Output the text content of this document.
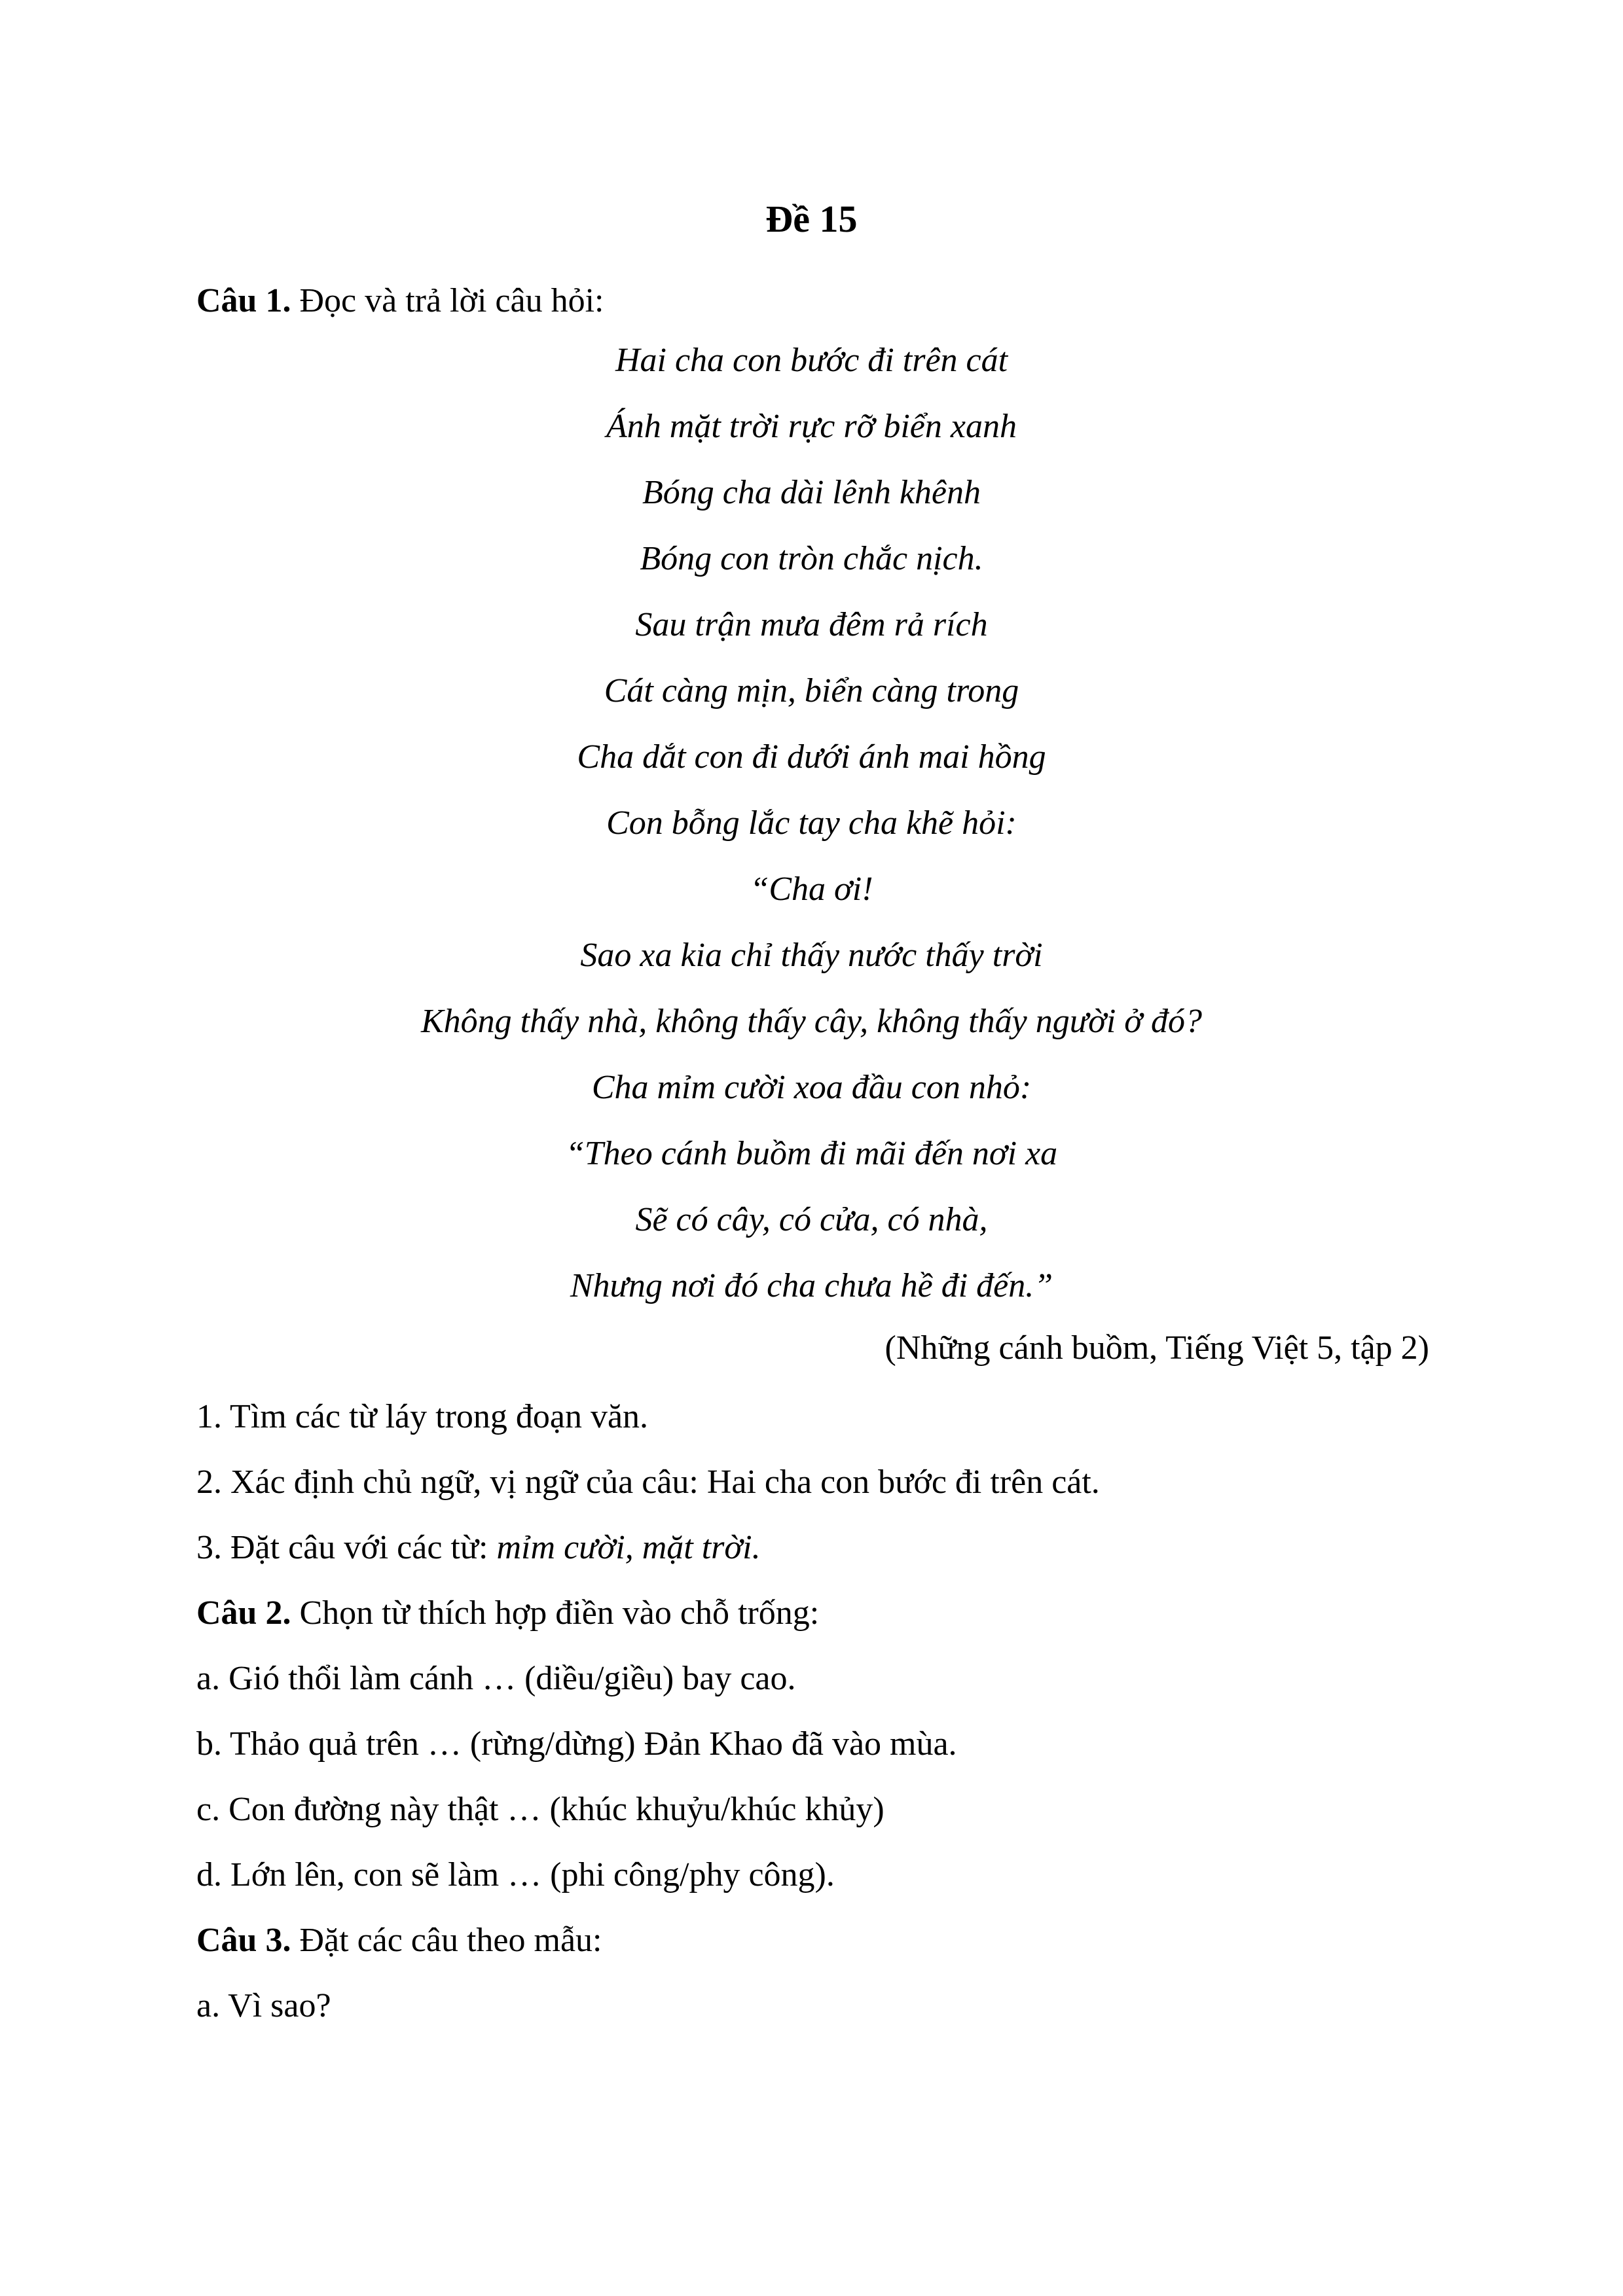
Đề 15
Câu 1. Đọc và trả lời câu hỏi:
Hai cha con bước đi trên cát
Ánh mặt trời rực rỡ biển xanh
Bóng cha dài lênh khênh
Bóng con tròn chắc nịch.
Sau trận mưa đêm rả rích
Cát càng mịn, biển càng trong
Cha dắt con đi dưới ánh mai hồng
Con bỗng lắc tay cha khẽ hỏi:
“Cha ơi!
Sao xa kia chỉ thấy nước thấy trời
Không thấy nhà, không thấy cây, không thấy người ở đó?
Cha mỉm cười xoa đầu con nhỏ:
“Theo cánh buồm đi mãi đến nơi xa
Sẽ có cây, có cửa, có nhà,
Nhưng nơi đó cha chưa hề đi đến.”
(Những cánh buồm, Tiếng Việt 5, tập 2)
1. Tìm các từ láy trong đoạn văn.
2. Xác định chủ ngữ, vị ngữ của câu: Hai cha con bước đi trên cát.
3. Đặt câu với các từ: mỉm cười, mặt trời.
Câu 2. Chọn từ thích hợp điền vào chỗ trống:
a. Gió thổi làm cánh … (diều/giều) bay cao.
b. Thảo quả trên … (rừng/dừng) Đản Khao đã vào mùa.
c. Con đường này thật … (khúc khuỷu/khúc khủy)
d. Lớn lên, con sẽ làm … (phi công/phy công).
Câu 3. Đặt các câu theo mẫu:
a. Vì sao?
